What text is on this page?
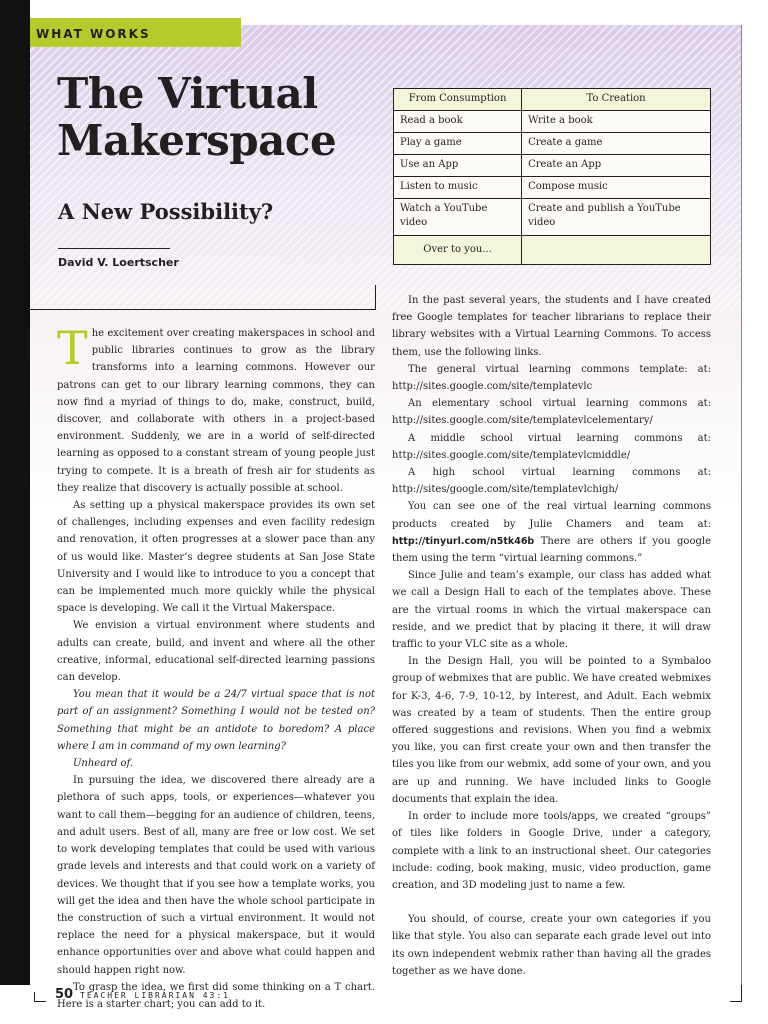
WHAT WORKS
The Virtual Makerspace
A New Possibility?
David V. Loertscher
From Consumption	To Creation
Read a book	Write a book
Play a game	Create a game
Use an App	Create an App
Listen to music	Compose music
Watch a YouTube video	Create and publish a YouTube video
Over to you...	

The excitement over creating makerspaces in school and public libraries continues to grow as the library transforms into a learning commons. However our patrons can get to our library learning commons, they can now find a myriad of things to do, make, construct, build, discover, and collaborate with others in a project-based environment. Suddenly, we are in a world of self-directed learning as opposed to a constant stream of young people just trying to compete. It is a breath of fresh air for students as they realize that discovery is actually possible at school.

As setting up a physical makerspace provides its own set of challenges, including expenses and even facility redesign and renovation, it often progresses at a slower pace than any of us would like. Master’s degree students at San Jose State University and I would like to introduce to you a concept that can be implemented much more quickly while the physical space is developing. We call it the Virtual Makerspace.

We envision a virtual environment where students and adults can create, build, and invent and where all the other creative, informal, educational self-directed learning passions can develop.

You mean that it would be a 24/7 virtual space that is not part of an assignment? Something I would not be tested on? Something that might be an antidote to boredom? A place where I am in command of my own learning?

Unheard of.

In pursuing the idea, we discovered there already are a plethora of such apps, tools, or experiences—whatever you want to call them—begging for an audience of children, teens, and adult users. Best of all, many are free or low cost. We set to work developing templates that could be used with various grade levels and interests and that could work on a variety of devices. We thought that if you see how a template works, you will get the idea and then have the whole school participate in the construction of such a virtual environment. It would not replace the need for a physical makerspace, but it would enhance opportunities over and above what could happen and should happen right now.

To grasp the idea, we first did some thinking on a T chart. Here is a starter chart; you can add to it.

In the past several years, the students and I have created free Google templates for teacher librarians to replace their library websites with a Virtual Learning Commons. To access them, use the following links.

The general virtual learning commons template: at: http://sites.google.com/site/templatevlc

An elementary school virtual learning commons at: http://sites.google.com/site/templatevlcelementary/

A middle school virtual learning commons at: http://sites.google.com/site/templatevlcmiddle/

A high school virtual learning commons at: http://sites/google.com/site/templatevlchigh/

You can see one of the real virtual learning commons products created by Julie Chamers and team at: http://tinyurl.com/n5tk46b There are others if you google them using the term “virtual learning commons.”

Since Julie and team’s example, our class has added what we call a Design Hall to each of the templates above. These are the virtual rooms in which the virtual makerspace can reside, and we predict that by placing it there, it will draw traffic to your VLC site as a whole.

In the Design Hall, you will be pointed to a Symbaloo group of webmixes that are public. We have created webmixes for K-3, 4-6, 7-9, 10-12, by Interest, and Adult. Each webmix was created by a team of students. Then the entire group offered suggestions and revisions. When you find a webmix you like, you can first create your own and then transfer the tiles you like from our webmix, add some of your own, and you are up and running. We have included links to Google documents that explain the idea.

In order to include more tools/apps, we created “groups” of tiles like folders in Google Drive, under a category, complete with a link to an instructional sheet. Our categories include: coding, book making, music, video production, game creation, and 3D modeling just to name a few.

You should, of course, create your own categories if you like that style. You also can separate each grade level out into its own independent webmix rather than having all the grades together as we have done.

50 TEACHER LIBRARIAN 43:1
